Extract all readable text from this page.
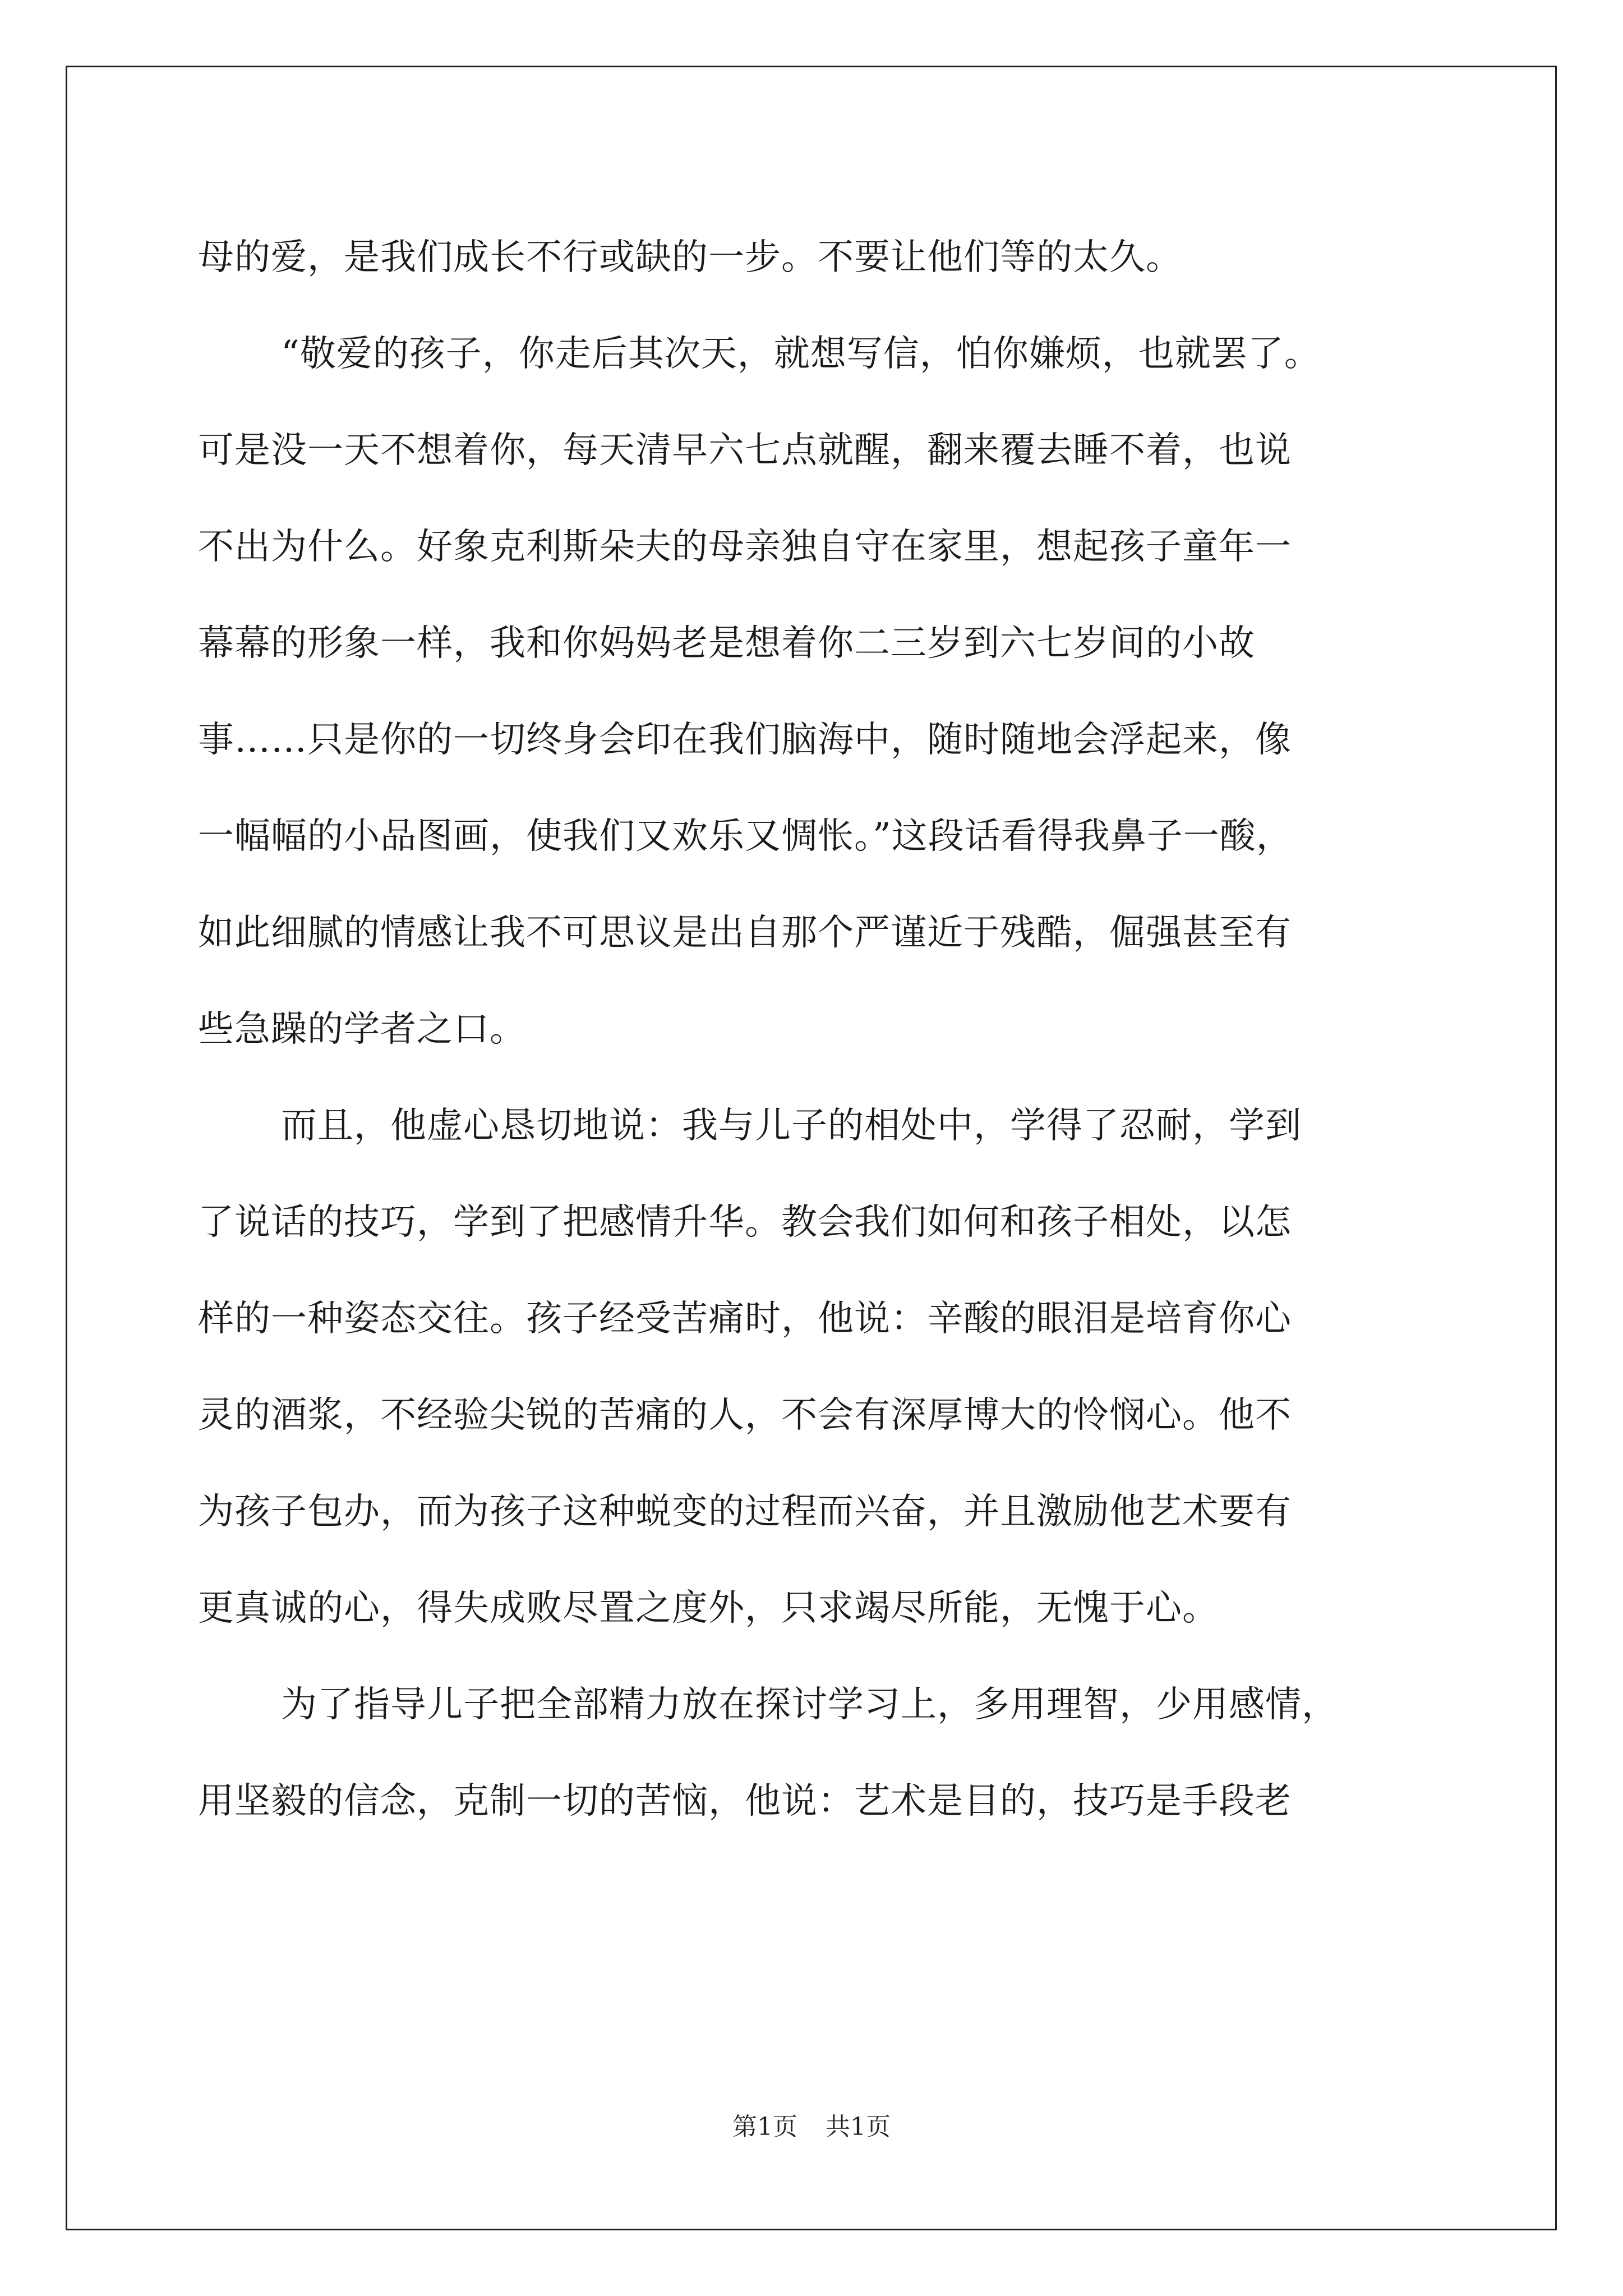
母的爱，是我们成长不行或缺的一步。不要让他们等的太久。
“敬爱的孩子，你走后其次天，就想写信，怕你嫌烦，也就罢了。
可是没一天不想着你，每天清早六七点就醒，翻来覆去睡不着，也说
不出为什么。好象克利斯朵夫的母亲独自守在家里，想起孩子童年一
幕幕的形象一样，我和你妈妈老是想着你二三岁到六七岁间的小故
事……只是你的一切终身会印在我们脑海中，随时随地会浮起来，像
一幅幅的小品图画，使我们又欢乐又惆怅。”这段话看得我鼻子一酸，
如此细腻的情感让我不可思议是出自那个严谨近于残酷，倔强甚至有
些急躁的学者之口。
而且，他虚心恳切地说：我与儿子的相处中，学得了忍耐，学到
了说话的技巧，学到了把感情升华。教会我们如何和孩子相处，以怎
样的一种姿态交往。孩子经受苦痛时，他说：辛酸的眼泪是培育你心
灵的酒浆，不经验尖锐的苦痛的人，不会有深厚博大的怜悯心。他不
为孩子包办，而为孩子这种蜕变的过程而兴奋，并且激励他艺术要有
更真诚的心，得失成败尽置之度外，只求竭尽所能，无愧于心。
为了指导儿子把全部精力放在探讨学习上，多用理智，少用感情，
用坚毅的信念，克制一切的苦恼，他说：艺术是目的，技巧是手段老
第1页 共1页
